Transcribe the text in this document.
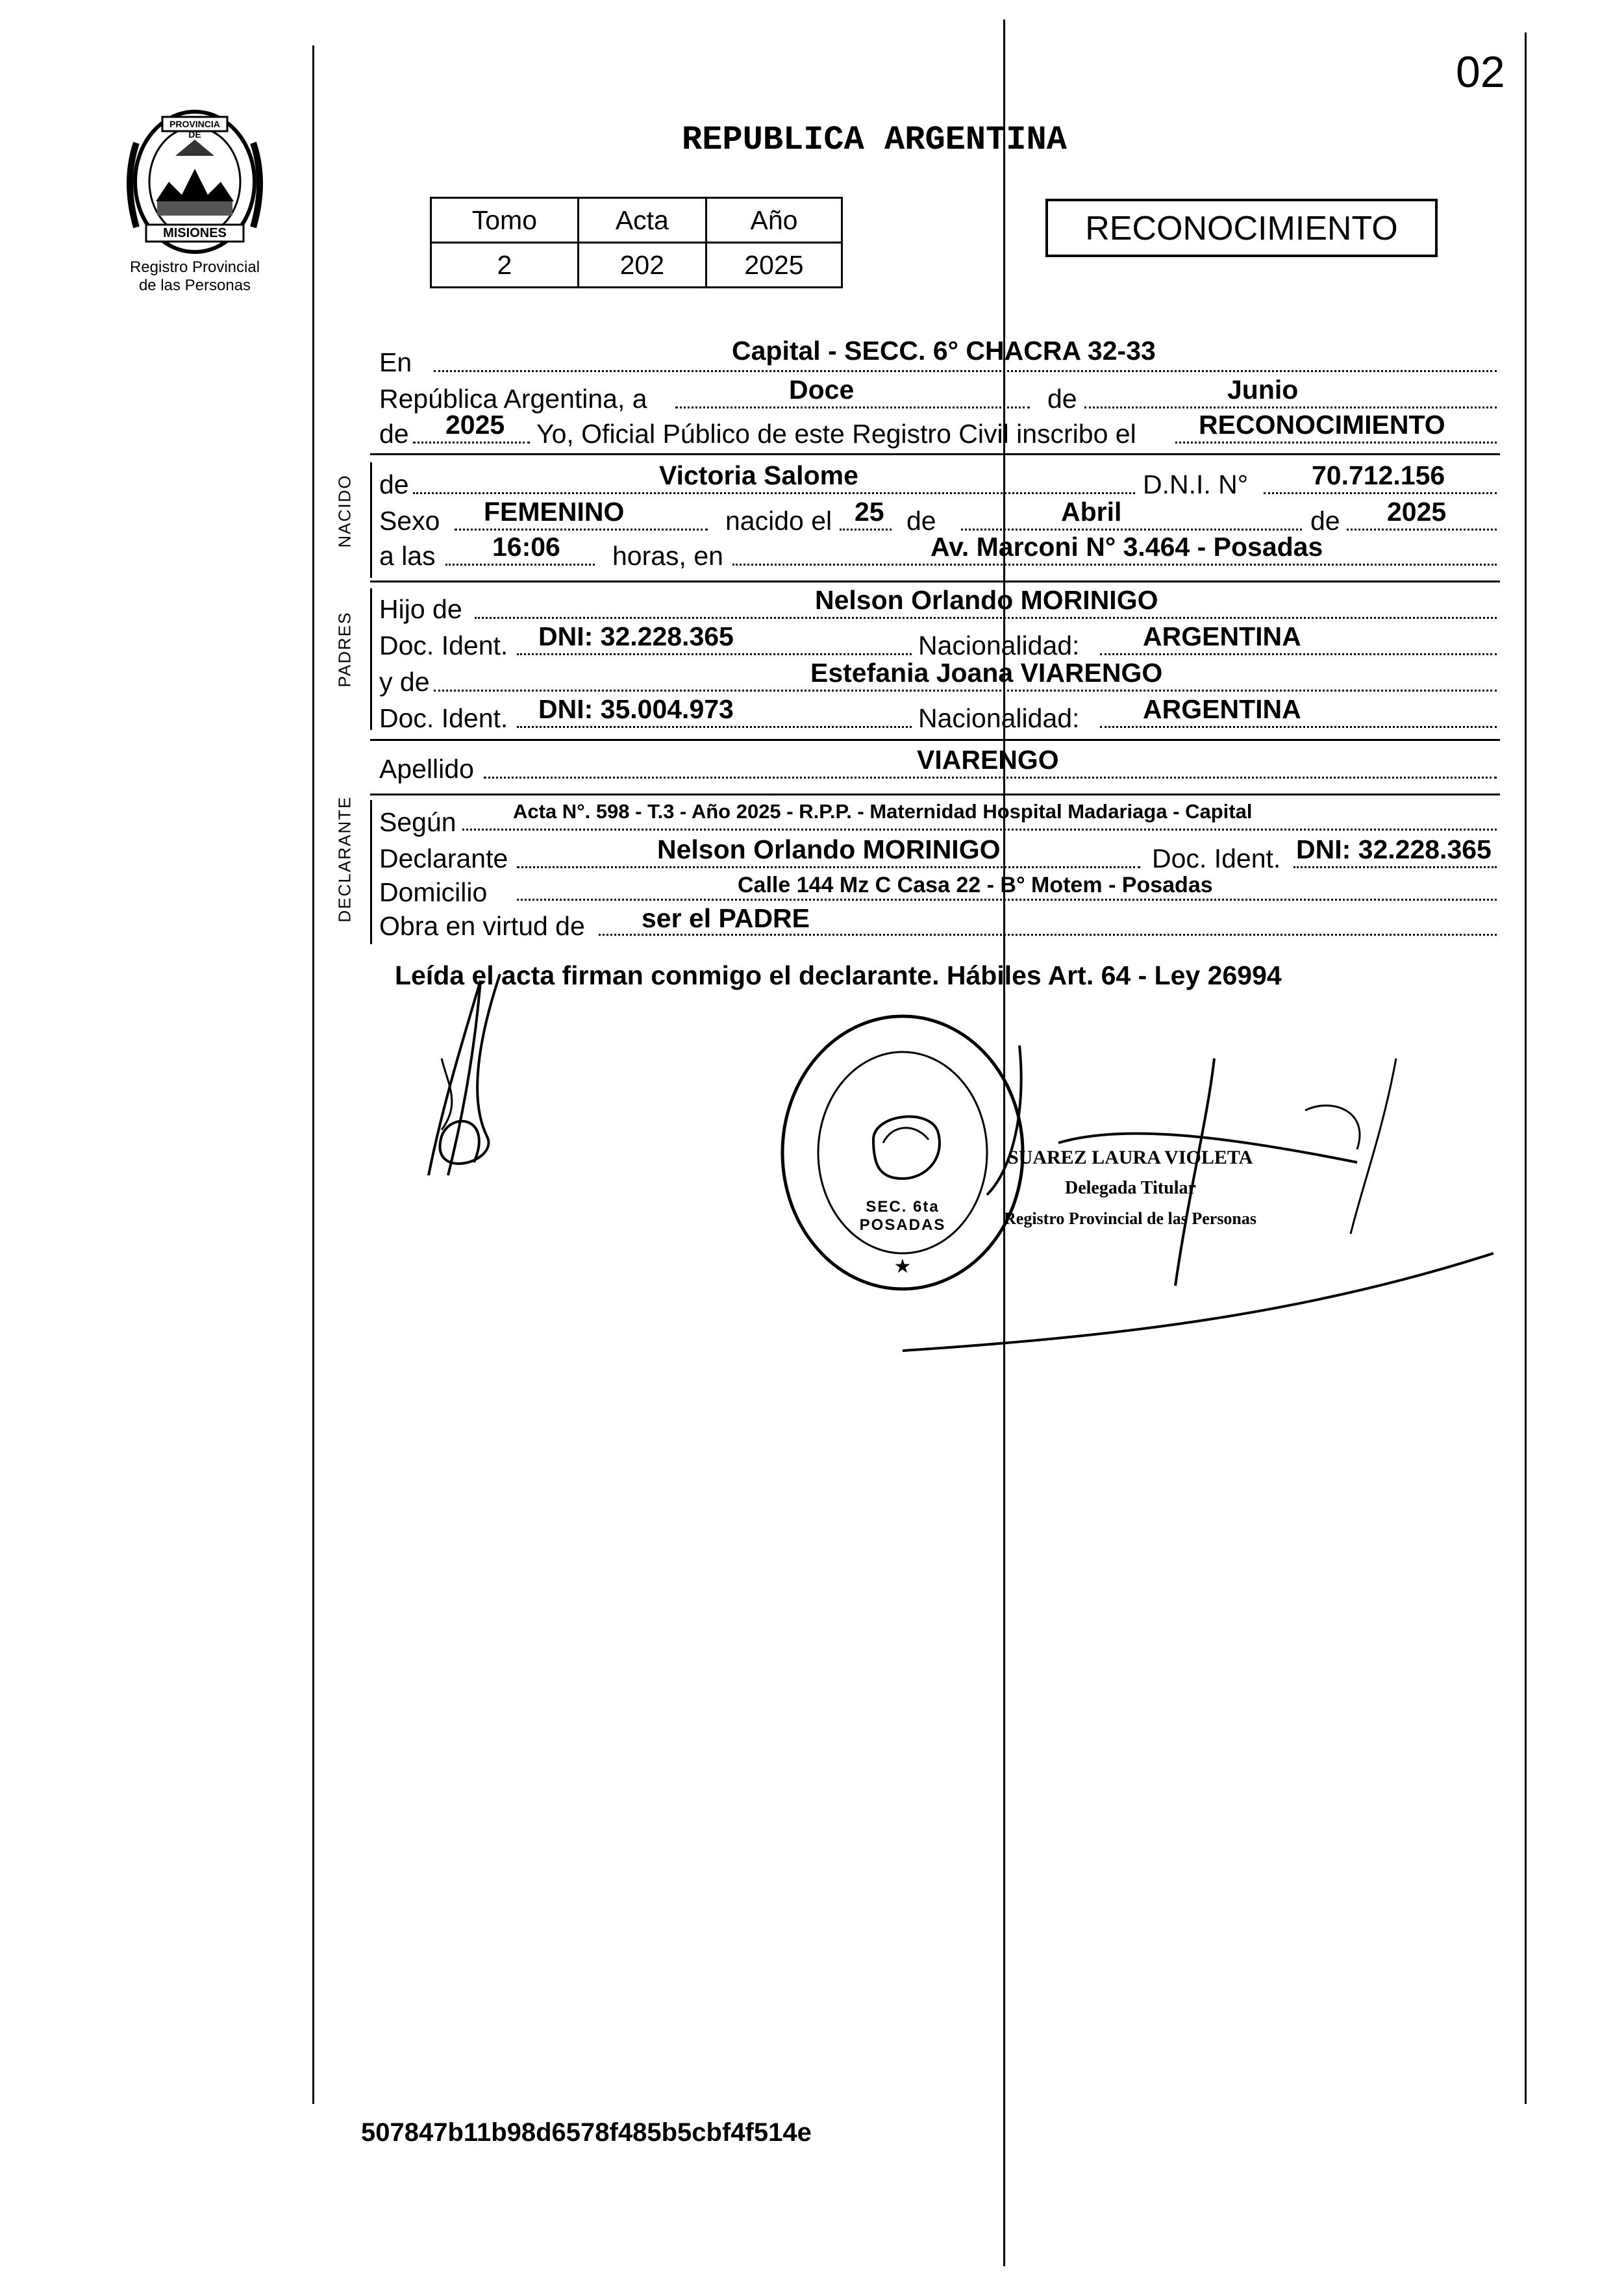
02
PROVINCIA DE
MISIONES
Registro Provincial
de las Personas
REPUBLICA ARGENTINA
Tomo	Acta	Año
2	202	2025
RECONOCIMIENTO
En	Capital - SECC. 6° CHACRA 32-33
República Argentina, a	Doce	de	Junio
de 2025 Yo, Oficial Público de este Registro Civil inscribo el RECONOCIMIENTO
NACIDO de	Victoria Salome	D.N.I. N° 70.712.156
Sexo FEMENINO	nacido el 25 de	Abril	de 2025
a las 16:06 horas, en	Av. Marconi N° 3.464 - Posadas
PADRES
Hijo de	Nelson Orlando MORINIGO
Doc. Ident. DNI: 32.228.365	Nacionalidad: ARGENTINA
y de	Estefania Joana VIARENGO
Doc. Ident. DNI: 35.004.973	Nacionalidad: ARGENTINA
Apellido	VIARENGO
DECLARANTE Según	Acta N°. 598 - T.3 - Año 2025 - R.P.P. - Maternidad Hospital Madariaga - Capital
Declarante	Nelson Orlando MORINIGO	Doc. Ident. DNI: 32.228.365
Domicilio	Calle 144 Mz C Casa 22 - B° Motem - Posadas
Obra en virtud de ser el PADRE
Leída el acta firman conmigo el declarante. Hábiles Art. 64 - Ley 26994
★
SEC. 6ta POSADAS
SUAREZ LAURA VIOLETA
Delegada Titular
Registro Provincial de las Personas
507847b11b98d6578f485b5cbf4f514e
